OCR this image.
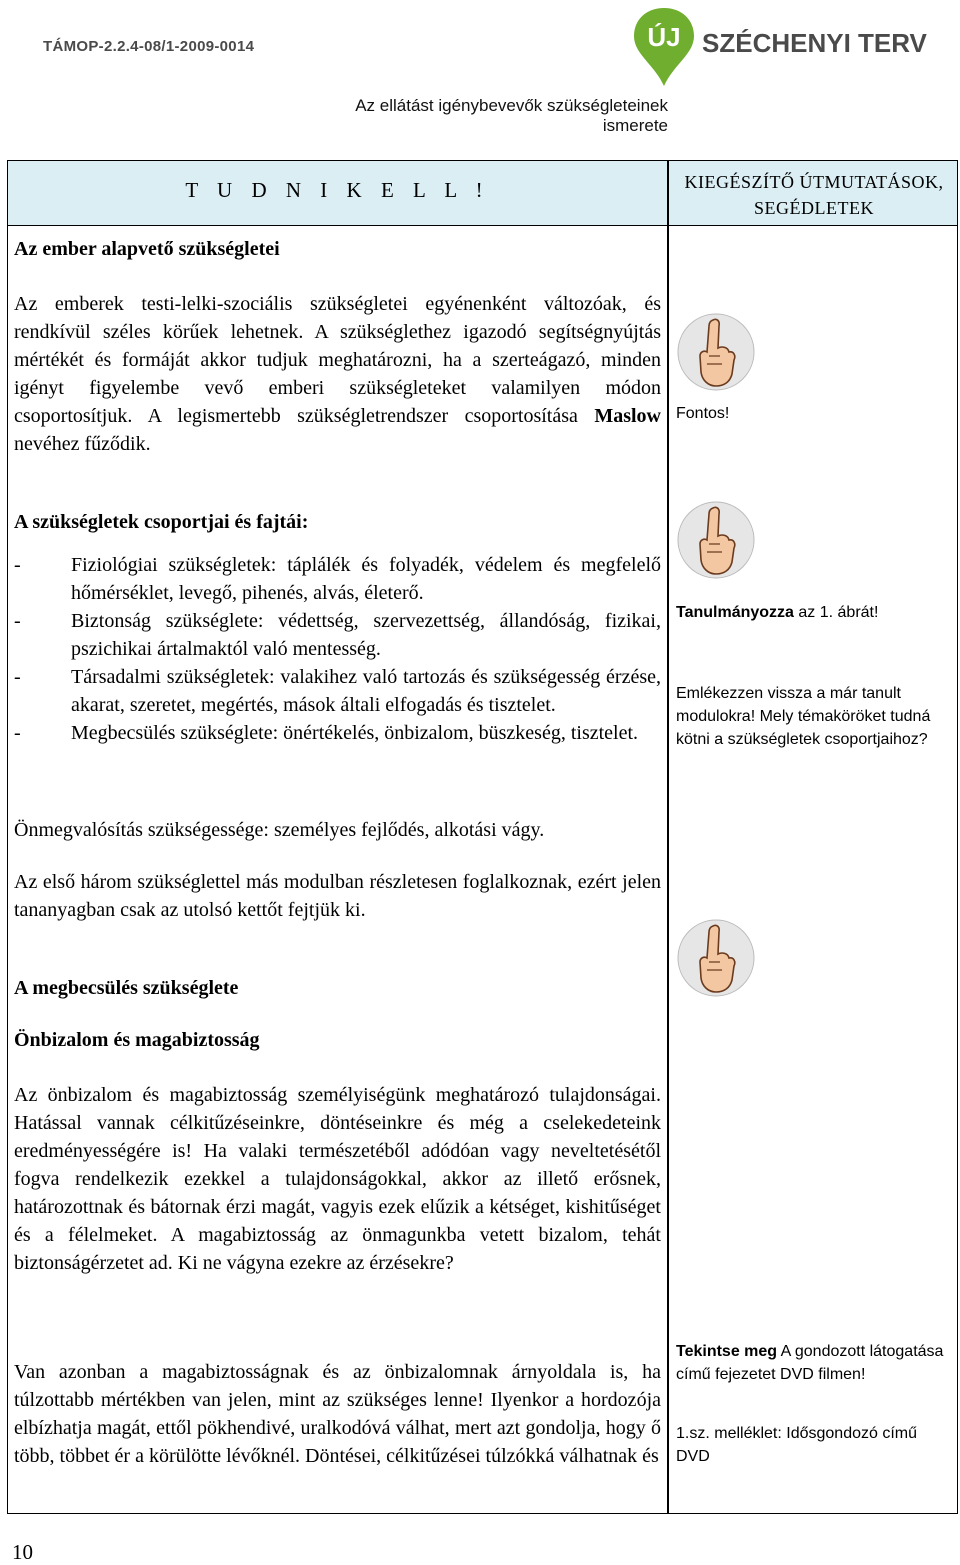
TÁMOP-2.2.4-08/1-2009-0014	ÚJ SZÉCHENYI TERV
Az ellátást igénybevevők szükségleteinek ismerete
T U D N I K E L L !	KIEGÉSZÍTŐ ÚTMUTATÁSOK, SEGÉDLETEK
Az ember alapvető szükségletei
Az emberek testi-lelki-szociális szükségletei egyénenként változóak, és rendkívül széles körűek lehetnek. A szükséglethez igazodó segítségnyújtás mértékét és formáját akkor tudjuk meghatározni, ha a szerteágazó, minden igényt figyelembe vevő emberi szükségleteket valamilyen módon csoportosítjuk. A legismertebb szükségletrendszer csoportosítása Maslow nevéhez fűződik.
A szükségletek csoportjai és fajtái:
-	Fiziológiai szükségletek: táplálék és folyadék, védelem és megfelelő hőmérséklet, levegő, pihenés, alvás, életerő.
-	Biztonság szükséglete: védettség, szervezettség, állandóság, fizikai, pszichikai ártalmaktól való mentesség.
-	Társadalmi szükségletek: valakihez való tartozás és szükségesség érzése, akarat, szeretet, megértés, mások általi elfogadás és tisztelet.
-	Megbecsülés szükséglete: önértékelés, önbizalom, büszkeség, tisztelet.
Önmegvalósítás szükségessége: személyes fejlődés, alkotási vágy.
Az első három szükséglettel más modulban részletesen foglalkoznak, ezért jelen tananyagban csak az utolsó kettőt fejtjük ki.
A megbecsülés szükséglete
Önbizalom és magabiztosság
Az önbizalom és magabiztosság személyiségünk meghatározó tulajdonságai. Hatással vannak célkitűzéseinkre, döntéseinkre és még a cselekedeteink eredményességére is! Ha valaki természetéből adódóan vagy neveltetésétől fogva rendelkezik ezekkel a tulajdonságokkal, akkor az illető erősnek, határozottnak és bátornak érzi magát, vagyis ezek elűzik a kétséget, kishitűséget és a félelmeket. A magabiztosság az önmagunkba vetett bizalom, tehát biztonságérzetet ad. Ki ne vágyna ezekre az érzésekre?
Van azonban a magabiztosságnak és az önbizalomnak árnyoldala is, ha túlzottabb mértékben van jelen, mint az szükséges lenne! Ilyenkor a hordozója elbízhatja magát, ettől pökhendivé, uralkodóvá válhat, mert azt gondolja, hogy ő több, többet ér a körülötte lévőknél. Döntései, célkitűzései túlzókká válhatnak és
Fontos!
Tanulmányozza az 1. ábrát!
Emlékezzen vissza a már tanult modulokra! Mely témaköröket tudná kötni a szükségletek csoportjaihoz?
Tekintse meg A gondozott látogatása című fejezetet DVD filmen!
1.sz. melléklet: Idősgondozó című DVD
10
